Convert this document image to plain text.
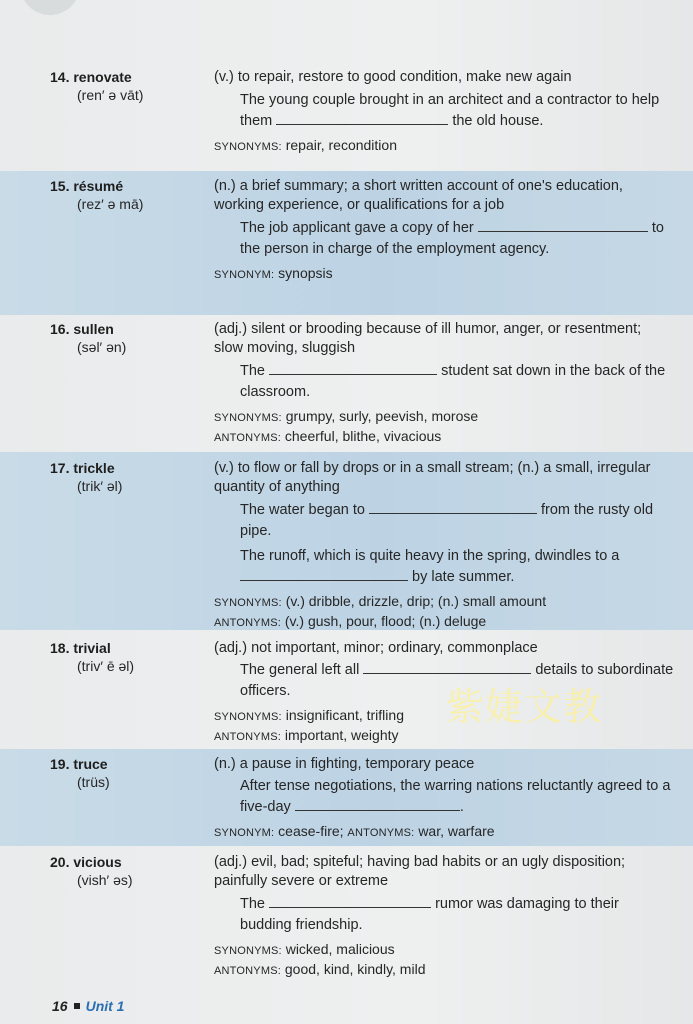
14. renovate
(ren′ ə vāt)
(v.) to repair, restore to good condition, make new again
The young couple brought in an architect and a contractor to help them	the old house.
SYNONYMS: repair, recondition
15. résumé
(rez′ ə mā)
(n.) a brief summary; a short written account of one's education, working experience, or qualifications for a job
The job applicant gave a copy of her	to the person in charge of the employment agency.
SYNONYM: synopsis
16. sullen
(səl′ ən)
(adj.) silent or brooding because of ill humor, anger, or resentment; slow moving, sluggish
The	student sat down in the back of the classroom.
SYNONYMS: grumpy, surly, peevish, morose
ANTONYMS: cheerful, blithe, vivacious
17. trickle
(trik′ əl)
(v.) to flow or fall by drops or in a small stream; (n.) a small, irregular quantity of anything
The water began to	from the rusty old pipe.
The runoff, which is quite heavy in the spring, dwindles to a  by late summer.
SYNONYMS: (v.) dribble, drizzle, drip; (n.) small amount
ANTONYMS: (v.) gush, pour, flood; (n.) deluge
18. trivial
(triv′ ē əl)
(adj.) not important, minor; ordinary, commonplace
The general left all	details to subordinate officers.
SYNONYMS: insignificant, trifling
ANTONYMS: important, weighty
19. truce
(trüs)
(n.) a pause in fighting, temporary peace
After tense negotiations, the warring nations reluctantly agreed to a five-day	.
SYNONYM: cease-fire; ANTONYMS: war, warfare
20. vicious
(vish′ əs)
(adj.) evil, bad; spiteful; having bad habits or an ugly disposition; painfully severe or extreme
The	rumor was damaging to their budding friendship.
SYNONYMS: wicked, malicious
ANTONYMS: good, kind, kindly, mild
紫婕文教
16 Unit 1
